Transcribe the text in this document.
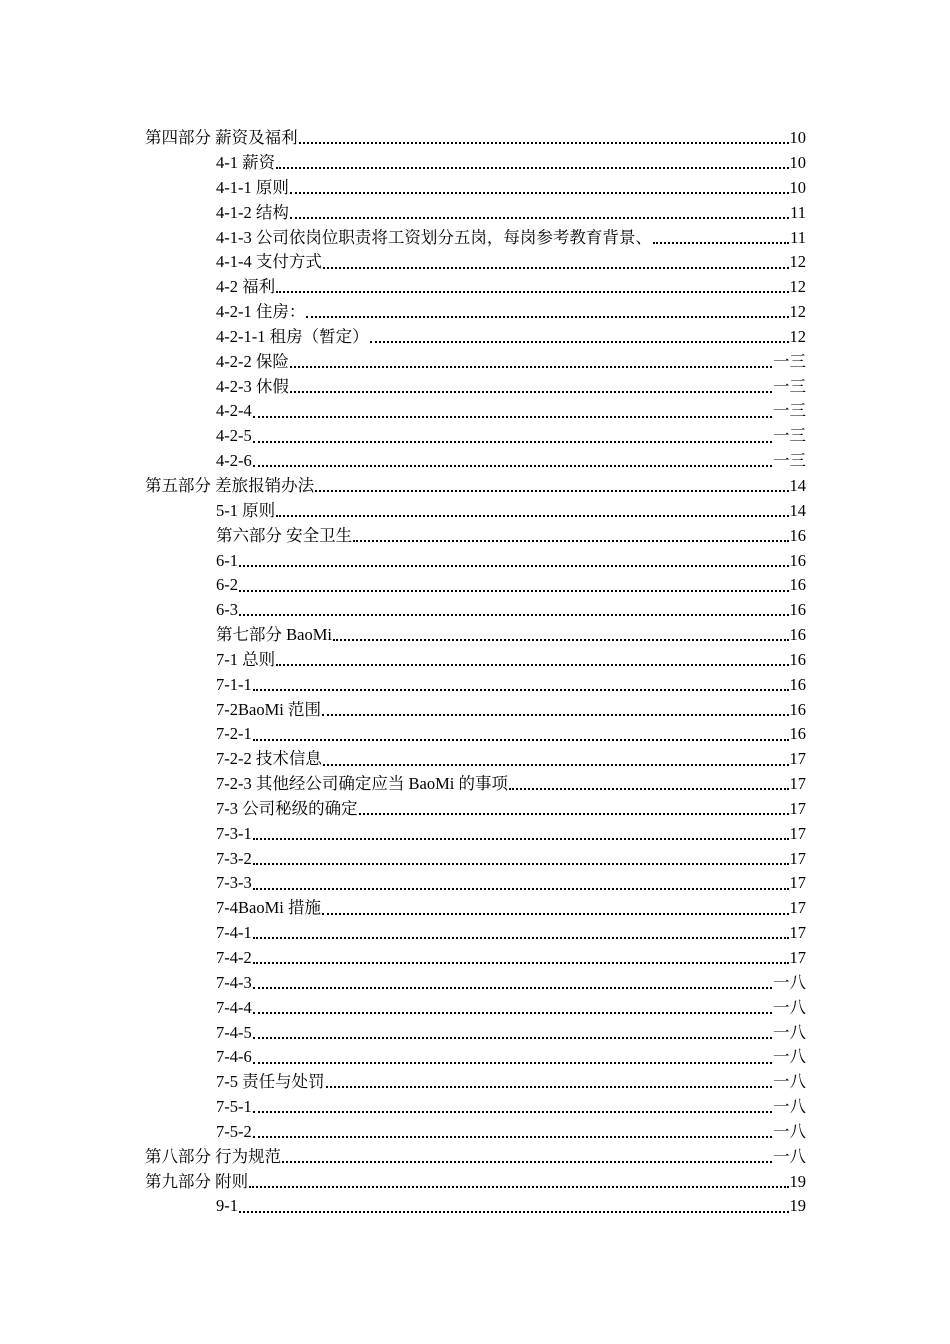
第四部分 薪资及福利	10
4-1 薪资	10
4-1-1 原则	10
4-1-2 结构	11
4-1-3 公司依岗位职责将工资划分五岗，每岗参考教育背景、	11
4-1-4 支付方式	12
4-2 福利	12
4-2-1 住房：	12
4-2-1-1 租房（暂定）	12
4-2-2 保险	一三
4-2-3 休假	一三
4-2-4	一三
4-2-5	一三
4-2-6	一三
第五部分 差旅报销办法	14
5-1 原则	14
第六部分 安全卫生	16
6-1	16
6-2	16
6-3	16
第七部分 BaoMi	16
7-1 总则	16
7-1-1	16
7-2BaoMi 范围	16
7-2-1	16
7-2-2 技术信息	17
7-2-3 其他经公司确定应当 BaoMi 的事项	17
7-3 公司秘级的确定	17
7-3-1	17
7-3-2	17
7-3-3	17
7-4BaoMi 措施	17
7-4-1	17
7-4-2	17
7-4-3	一八
7-4-4	一八
7-4-5	一八
7-4-6	一八
7-5 责任与处罚	一八
7-5-1	一八
7-5-2	一八
第八部分 行为规范	一八
第九部分 附则	19
9-1	19
